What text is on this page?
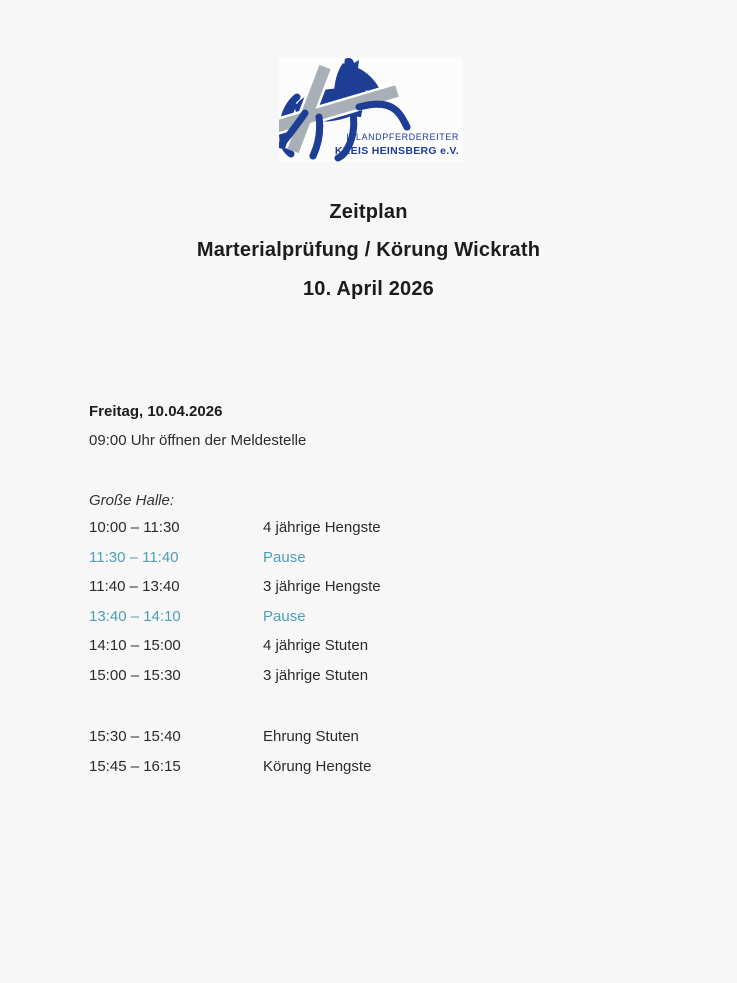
ISLANDPFERDEREITER
KREIS HEINSBERG e.V.
Zeitplan
Marterialprüfung / Körung Wickrath
10. April 2026
Freitag, 10.04.2026
09:00 Uhr öffnen der Meldestelle
Große Halle:
10:00 – 11:30	4 jährige Hengste
11:30 – 11:40	Pause
11:40 – 13:40	3 jährige Hengste
13:40 – 14:10	Pause
14:10 – 15:00	4 jährige Stuten
15:00 – 15:30	3 jährige Stuten
15:30 – 15:40	Ehrung Stuten
15:45 – 16:15	Körung Hengste
